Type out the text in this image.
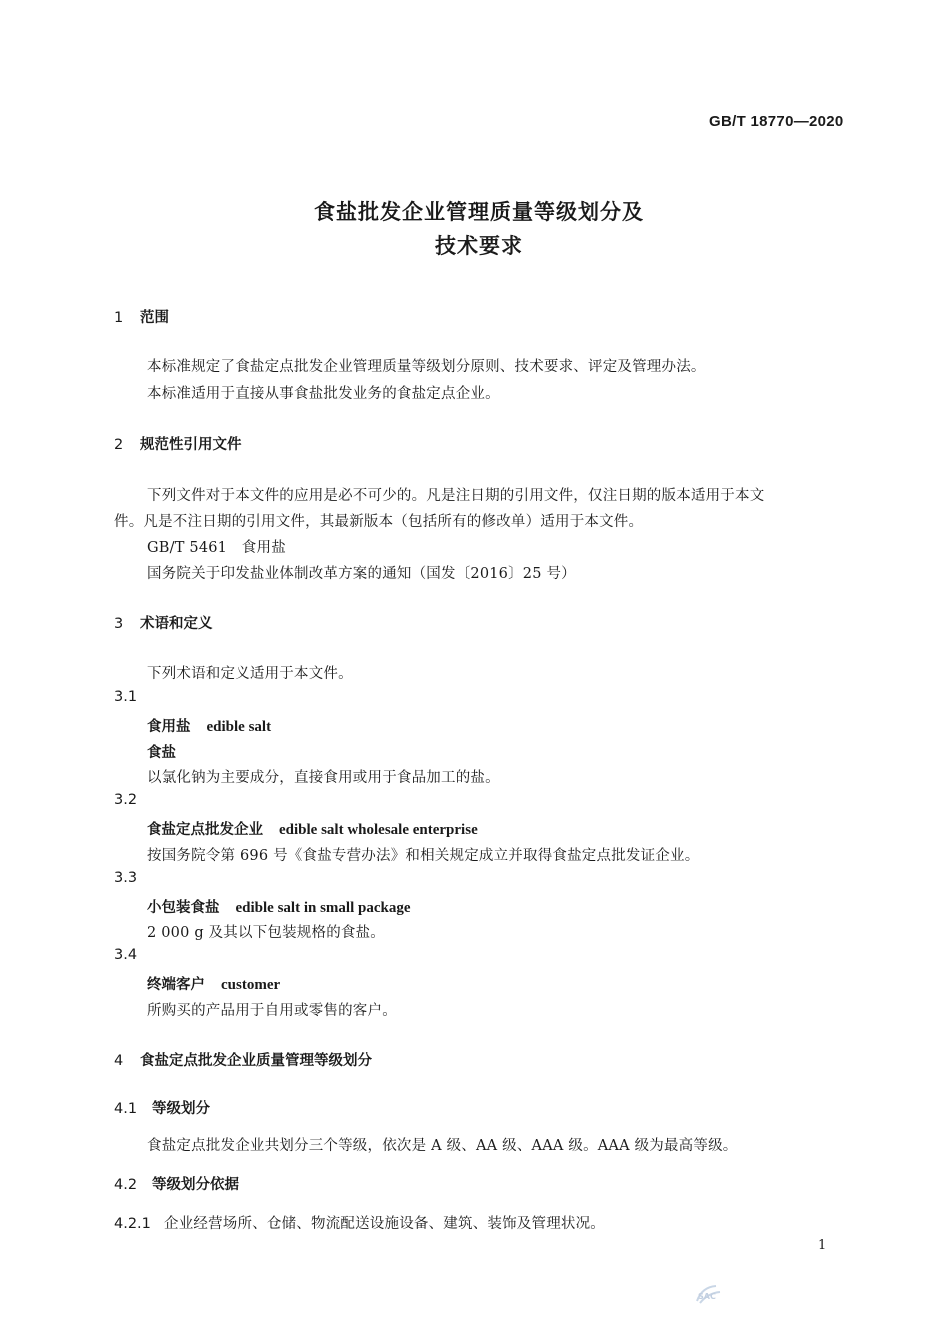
GB/T 18770—2020
食盐批发企业管理质量等级划分及
技术要求
1 范围
本标准规定了食盐定点批发企业管理质量等级划分原则、技术要求、评定及管理办法。
本标准适用于直接从事食盐批发业务的食盐定点企业。
2 规范性引用文件
下列文件对于本文件的应用是必不可少的。凡是注日期的引用文件，仅注日期的版本适用于本文
件。凡是不注日期的引用文件，其最新版本（包括所有的修改单）适用于本文件。
GB/T 5461　食用盐
国务院关于印发盐业体制改革方案的通知（国发〔2016〕25 号）
3 术语和定义
下列术语和定义适用于本文件。
3.1
食用盐 edible salt
食盐
以氯化钠为主要成分，直接食用或用于食品加工的盐。
3.2
食盐定点批发企业 edible salt wholesale enterprise
按国务院令第 696 号《食盐专营办法》和相关规定成立并取得食盐定点批发证企业。
3.3
小包装食盐 edible salt in small package
2 000 g 及其以下包装规格的食盐。
3.4
终端客户 customer
所购买的产品用于自用或零售的客户。
4 食盐定点批发企业质量管理等级划分
4.1 等级划分
食盐定点批发企业共划分三个等级，依次是 A 级、AA 级、AAA 级。AAA 级为最高等级。
4.2 等级划分依据
4.2.1 企业经营场所、仓储、物流配送设施设备、建筑、装饰及管理状况。
1
SAC
